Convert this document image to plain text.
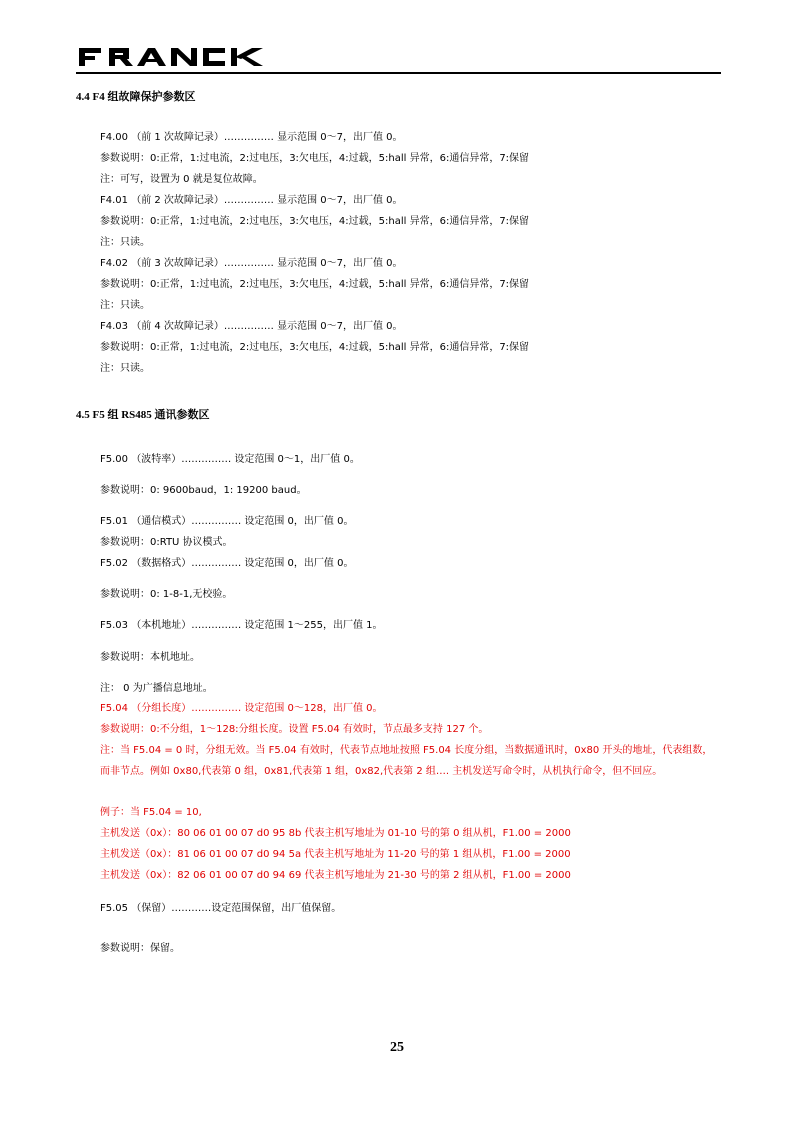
4.4 F4 组故障保护参数区
F4.00 （前 1 次故障记录）…………… 显示范围 0～7，出厂值 0。
参数说明：0:正常，1:过电流，2:过电压，3:欠电压，4:过载，5:hall 异常，6:通信异常，7:保留
注：可写，设置为 0 就是复位故障。
F4.01 （前 2 次故障记录）…………… 显示范围 0～7，出厂值 0。
参数说明：0:正常，1:过电流，2:过电压，3:欠电压，4:过载，5:hall 异常，6:通信异常，7:保留
注：只读。
F4.02 （前 3 次故障记录）…………… 显示范围 0～7，出厂值 0。
参数说明：0:正常，1:过电流，2:过电压，3:欠电压，4:过载，5:hall 异常，6:通信异常，7:保留
注：只读。
F4.03 （前 4 次故障记录）…………… 显示范围 0～7，出厂值 0。
参数说明：0:正常，1:过电流，2:过电压，3:欠电压，4:过载，5:hall 异常，6:通信异常，7:保留
注：只读。
4.5 F5 组 RS485 通讯参数区
F5.00 （波特率）…………… 设定范围 0～1，出厂值 0。
参数说明：0: 9600baud，1: 19200 baud。
F5.01 （通信模式）…………… 设定范围 0，出厂值 0。
参数说明：0:RTU 协议模式。
F5.02 （数据格式）…………… 设定范围 0，出厂值 0。
参数说明：0: 1-8-1,无校验。
F5.03 （本机地址）…………… 设定范围 1～255，出厂值 1。
参数说明：本机地址。
注： 0 为广播信息地址。
F5.04 （分组长度）…………… 设定范围 0～128，出厂值 0。
参数说明：0:不分组，1～128:分组长度。设置 F5.04 有效时，节点最多支持 127 个。
注：当 F5.04 = 0 时，分组无效。当 F5.04 有效时，代表节点地址按照 F5.04 长度分组，当数据通讯时，0x80 开头的地址，代表组数，而非节点。例如 0x80,代表第 0 组，0x81,代表第 1 组，0x82,代表第 2 组…. 主机发送写命令时，从机执行命令，但不回应。
例子：当 F5.04 = 10,
主机发送（0x）：80 06 01 00 07 d0 95 8b 代表主机写地址为 01-10 号的第 0 组从机，F1.00 = 2000
主机发送（0x）：81 06 01 00 07 d0 94 5a 代表主机写地址为 11-20 号的第 1 组从机，F1.00 = 2000
主机发送（0x）：82 06 01 00 07 d0 94 69 代表主机写地址为 21-30 号的第 2 组从机，F1.00 = 2000
F5.05 （保留）…………设定范围保留，出厂值保留。
参数说明：保留。
25
